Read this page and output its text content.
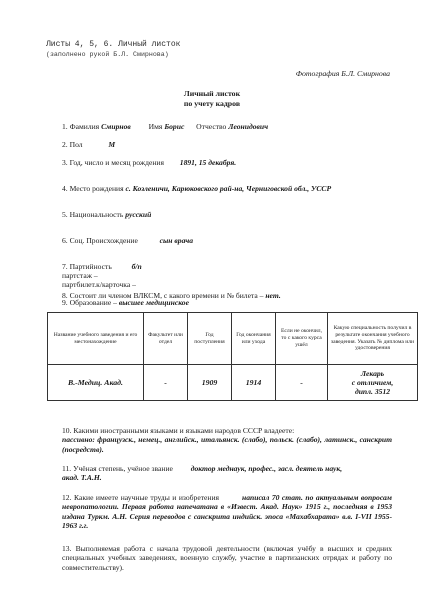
Листы 4, 5, 6. Личный листок
(заполнено рукой Б.Л. Смирнова)
Фотография Б.Л. Смирнова
Личный листок
по учету кадров
1. Фамилия Смирнов Имя Борис Отчество Леонидович
2. Пол	М
3. Год, число и месяц рождения 1891, 15 декабря.
4. Место рождения с. Козленичи, Карюковского рай-на, Черниговской обл., УССР
5. Национальность русский
6. Соц. Происхождение	сын врача
7. Партийность	б/п
партстаж –
партбилет.к/карточка –
8. Состоит ли членом ВЛКСМ, с какого времени и № билета – нет.
9. Образование – высшее медицинское
Название учебного заведения и его местонахождение	Факультет или отдел	Год поступления	Год окончания или ухода	Если не окончил, то с какого курса ушёл	Какую специальность получил в результате окончания учебного заведения. Указать № диплома или удостоверения
В.-Медиц. Акад.	-	1909	1914	-	Лекарь
с отличием,
дипл. 3512
10. Какими иностранными языками и языками народов СССР владеете:
пассивно: французск., немец., английск., итальянск. (слабо), польск. (слабо), латинск., санскрит (посредств).
11. Учёная степень, учёное звание доктор меднаук, профес., засл. деятель наук,
акад. Т.А.Н.
12. Какие имеете научные труды и изобретения	написал 70 стат. по актуальным вопросам невропатологии. Первая работа напечатана в «Извест. Акад. Наук» 1915 г., последняя в 1953 издана Туркм. А.Н. Серия переводов с санскрита индийск. эпоса «Махабхарата» в.в. I-VII 1955-1963 г.г.
13. Выполняемая работа с начала трудовой деятельности (включая учёбу в высших и средних специальных учебных заведениях, военную службу, участие в партизанских отрядах и работу по совместительству).
